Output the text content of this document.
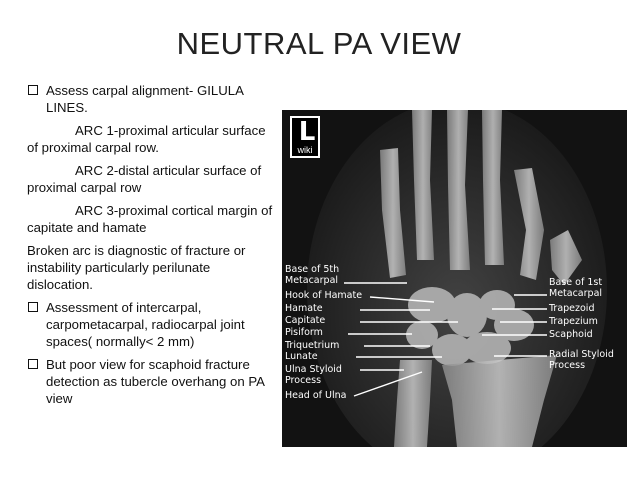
NEUTRAL PA VIEW
Assess carpal alignment- GILULA LINES.

ARC 1-proximal articular surface of proximal carpal row.

ARC 2-distal articular surface of proximal carpal row

ARC 3-proximal cortical margin of capitate and hamate

Broken arc is diagnostic of fracture or instability particularly perilunate dislocation.

Assessment of intercarpal, carpometacarpal, radiocarpal joint spaces( normally< 2 mm)
But poor view for scaphoid fracture detection as tubercle overhang on PA view
L
wiki
Base of 5th
Metacarpal
Hook of Hamate
Hamate
Capitate
Pisiform
Triquetrium
Lunate
Ulna Styloid
Process
Head of Ulna
Base of 1st
Metacarpal
Trapezoid
Trapezium
Scaphoid
Radial Styloid
Process
